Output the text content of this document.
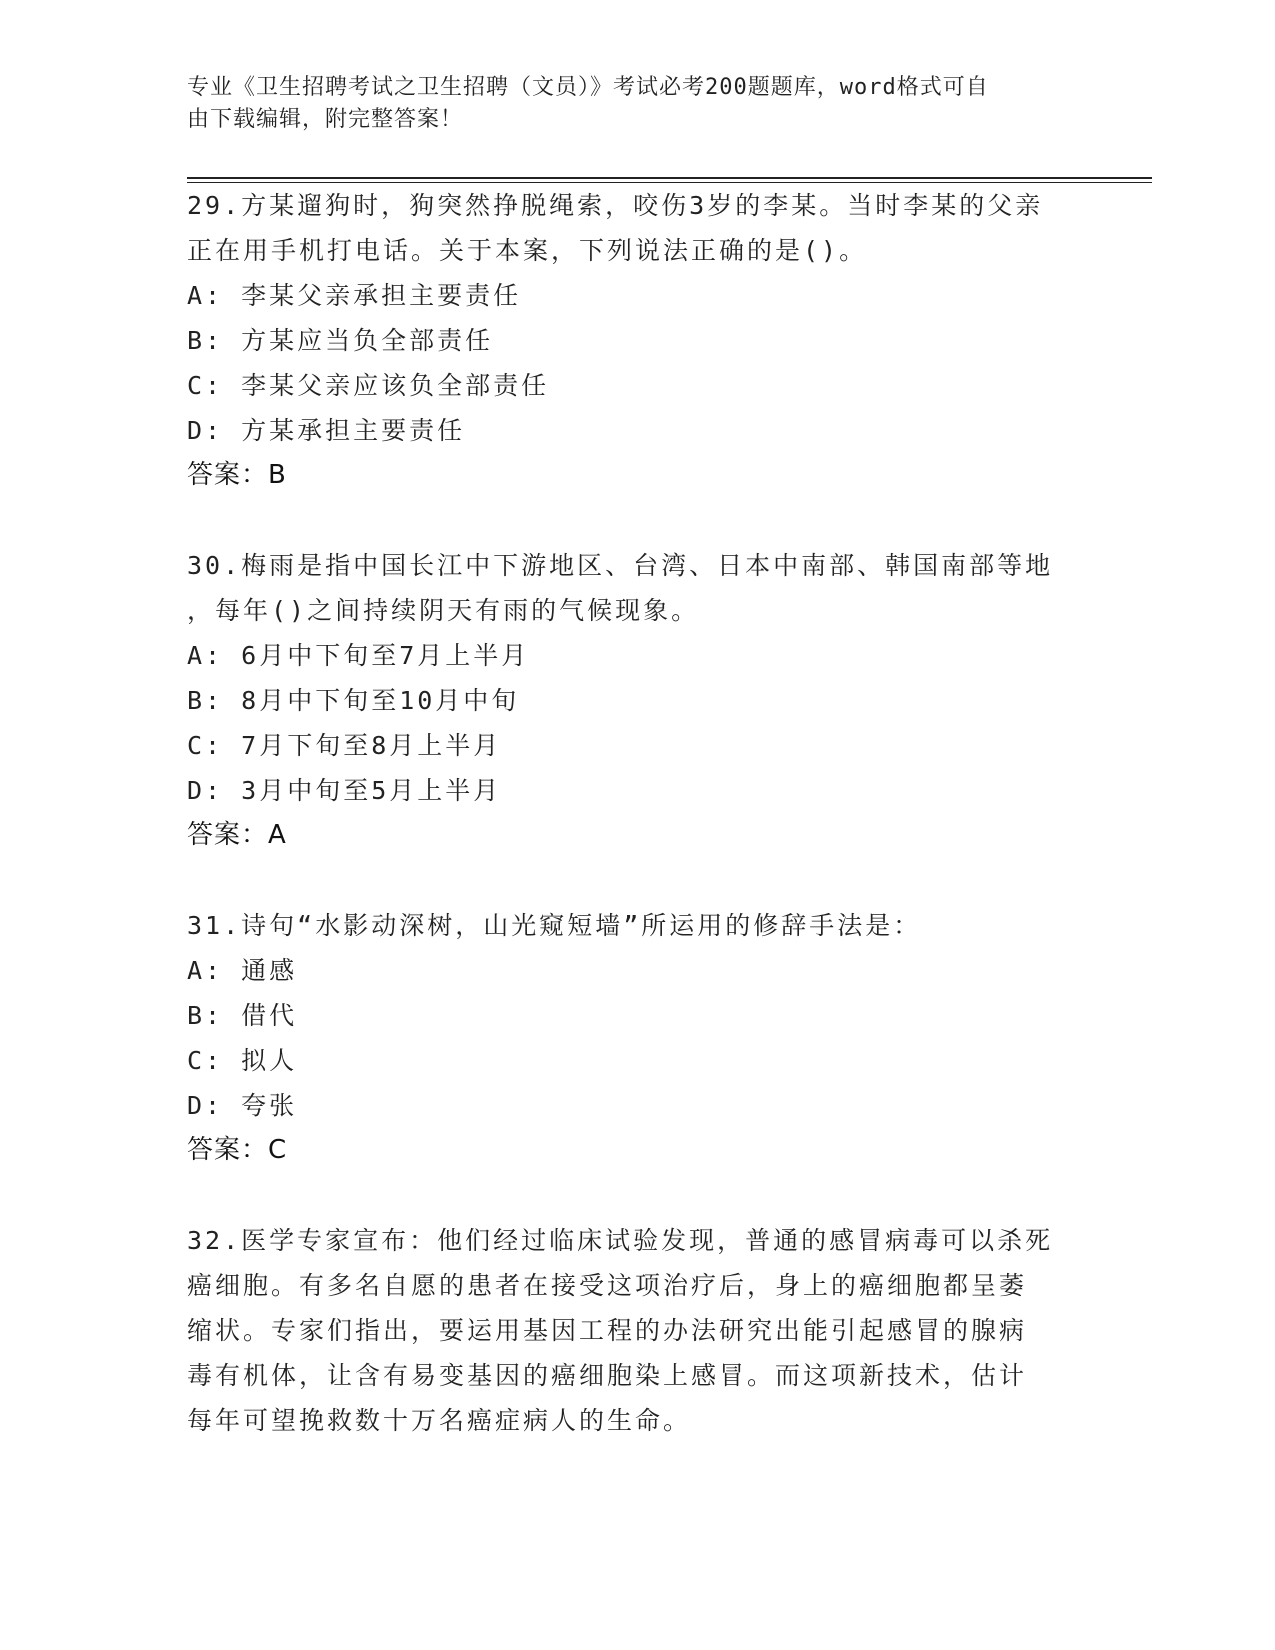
专业《卫生招聘考试之卫生招聘（文员）》考试必考200题题库，word格式可自
由下载编辑，附完整答案！

29.方某遛狗时，狗突然挣脱绳索，咬伤3岁的李某。当时李某的父亲

正在用手机打电话。关于本案，下列说法正确的是()。

A: 李某父亲承担主要责任

B: 方某应当负全部责任

C: 李某父亲应该负全部责任

D: 方某承担主要责任

答案：B

30.梅雨是指中国长江中下游地区、台湾、日本中南部、韩国南部等地

，每年()之间持续阴天有雨的气候现象。

A: 6月中下旬至7月上半月

B: 8月中下旬至10月中旬

C: 7月下旬至8月上半月

D: 3月中旬至5月上半月

答案：A

31.诗句“水影动深树，山光窥短墙”所运用的修辞手法是：

A: 通感

B: 借代

C: 拟人

D: 夸张

答案：C

32.医学专家宣布：他们经过临床试验发现，普通的感冒病毒可以杀死

癌细胞。有多名自愿的患者在接受这项治疗后，身上的癌细胞都呈萎

缩状。专家们指出，要运用基因工程的办法研究出能引起感冒的腺病

毒有机体，让含有易变基因的癌细胞染上感冒。而这项新技术，估计

每年可望挽救数十万名癌症病人的生命。
